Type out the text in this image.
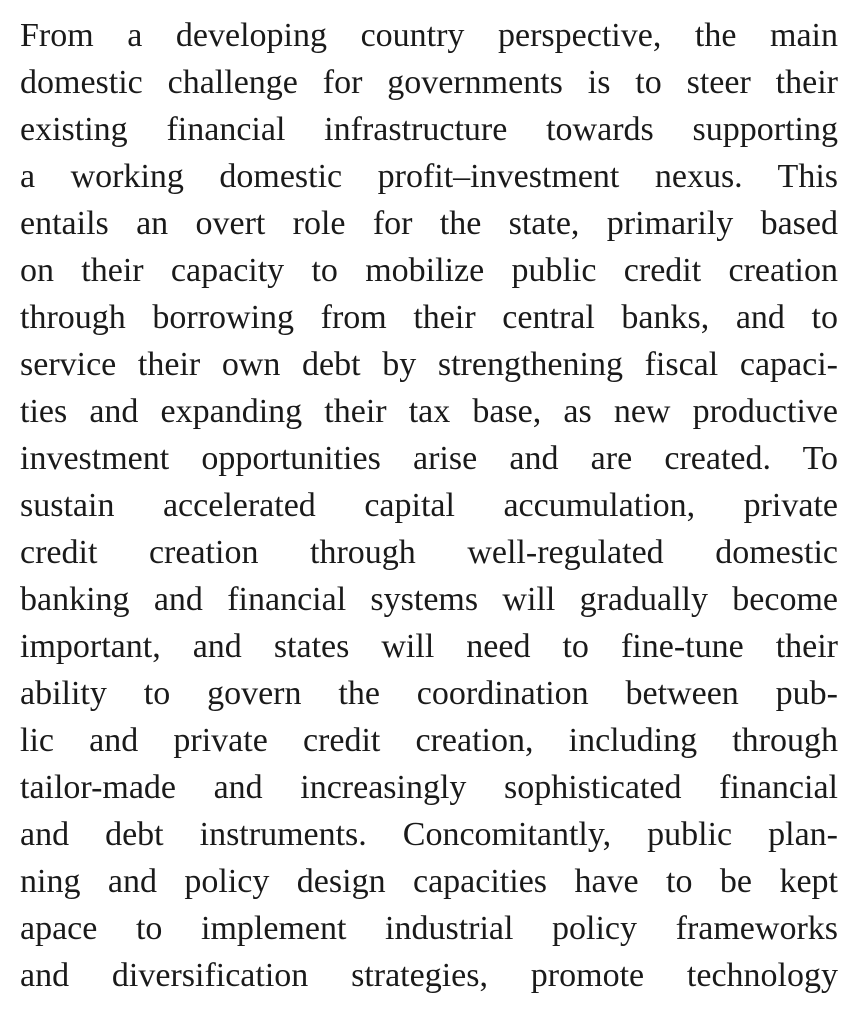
From a developing country perspective, the main
domestic challenge for governments is to steer their
existing financial infrastructure towards supporting
a working domestic profit–investment nexus. This
entails an overt role for the state, primarily based
on their capacity to mobilize public credit creation
through borrowing from their central banks, and to
service their own debt by strengthening fiscal capaci-
ties and expanding their tax base, as new productive
investment opportunities arise and are created. To
sustain accelerated capital accumulation, private
credit creation through well-regulated domestic
banking and financial systems will gradually become
important, and states will need to fine-tune their
ability to govern the coordination between pub-
lic and private credit creation, including through
tailor-made and increasingly sophisticated financial
and debt instruments. Concomitantly, public plan-
ning and policy design capacities have to be kept
apace to implement industrial policy frameworks
and diversification strategies, promote technology
